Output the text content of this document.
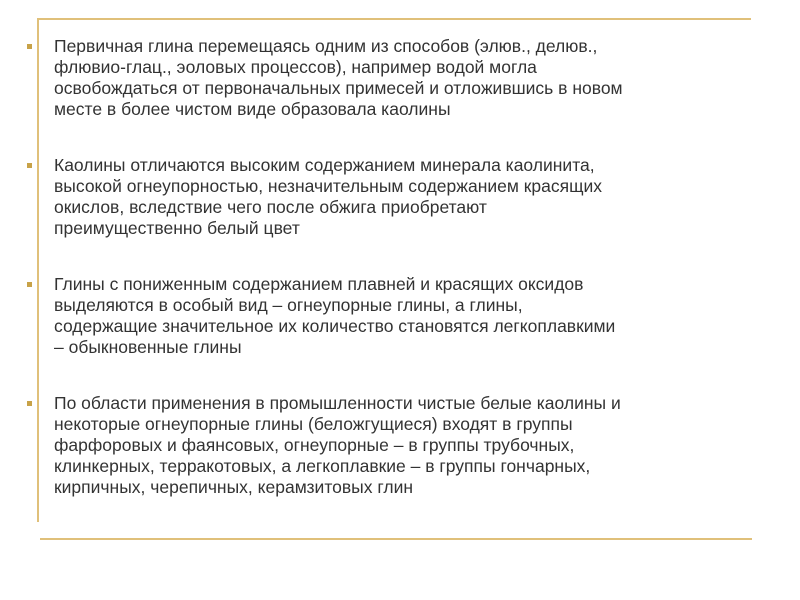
Первичная глина перемещаясь одним из способов (элюв., делюв.,
флювио-глац., эоловых процессов), например водой могла
освобождаться от первоначальных примесей и отложившись в новом
месте в более чистом виде образовала каолины
Каолины отличаются высоким содержанием минерала каолинита,
высокой огнеупорностью, незначительным содержанием красящих
окислов, вследствие чего после обжига приобретают
преимущественно белый цвет
Глины с пониженным содержанием плавней и красящих оксидов
выделяются в особый вид – огнеупорные глины, а глины,
содержащие значительное их количество становятся легкоплавкими
– обыкновенные глины
По области применения в промышленности чистые белые каолины и
некоторые огнеупорные глины (беложгущиеся) входят в группы
фарфоровых и фаянсовых, огнеупорные – в группы трубочных,
клинкерных, терракотовых, а легкоплавкие – в группы гончарных,
кирпичных, черепичных, керамзитовых глин
